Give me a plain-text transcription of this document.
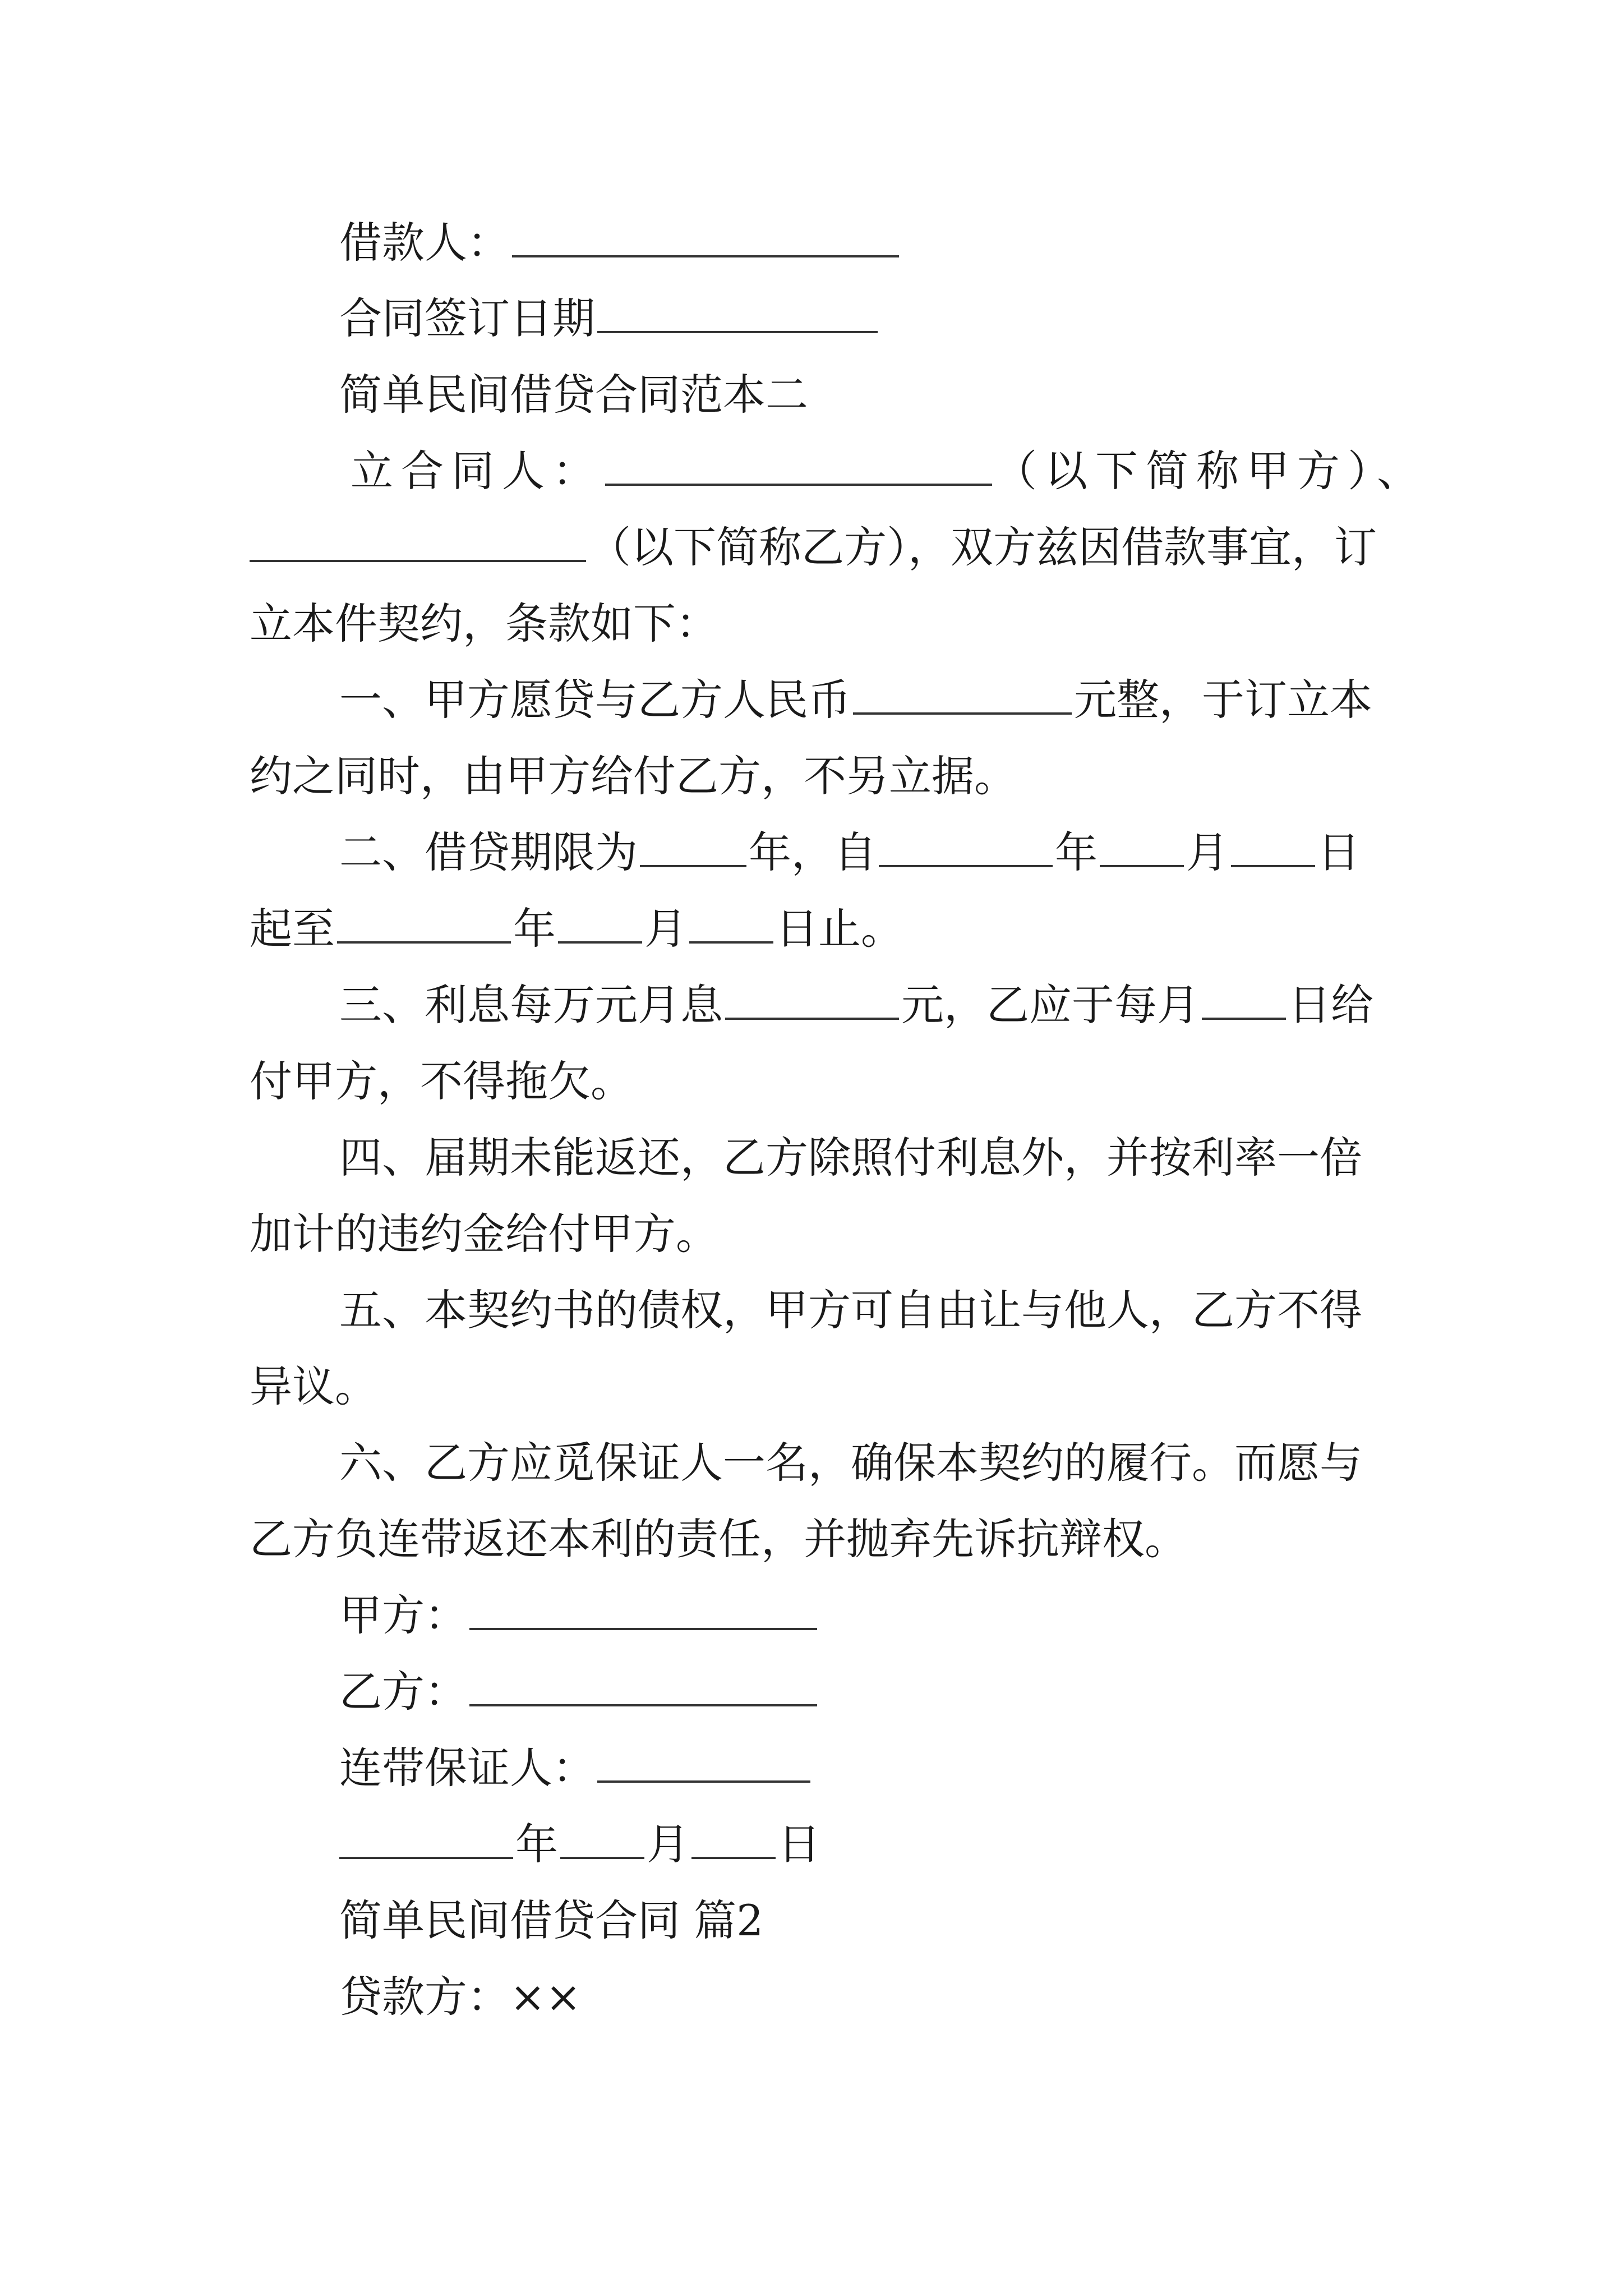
借款人：
合同签订日期
简单民间借贷合同范本二
立合同人：	（以下简称甲方）、
（以下简称乙方），双方兹因借款事宜，订
立本件契约，条款如下：
一、甲方愿贷与乙方人民币	元整，于订立本
约之同时，由甲方给付乙方，不另立据。
二、借贷期限为	年，自	年 月 日
起至	年 月 日止。
三、利息每万元月息	元，乙应于每月 日给
付甲方，不得拖欠。
四、届期未能返还，乙方除照付利息外，并按利率一倍
加计的违约金给付甲方。
五、本契约书的债权，甲方可自由让与他人，乙方不得
异议。
六、乙方应觅保证人一名，确保本契约的履行。而愿与
乙方负连带返还本利的责任，并抛弃先诉抗辩权。
甲方：
乙方：
连带保证人：
年 月 日
简单民间借贷合同 篇2
贷款方：××
